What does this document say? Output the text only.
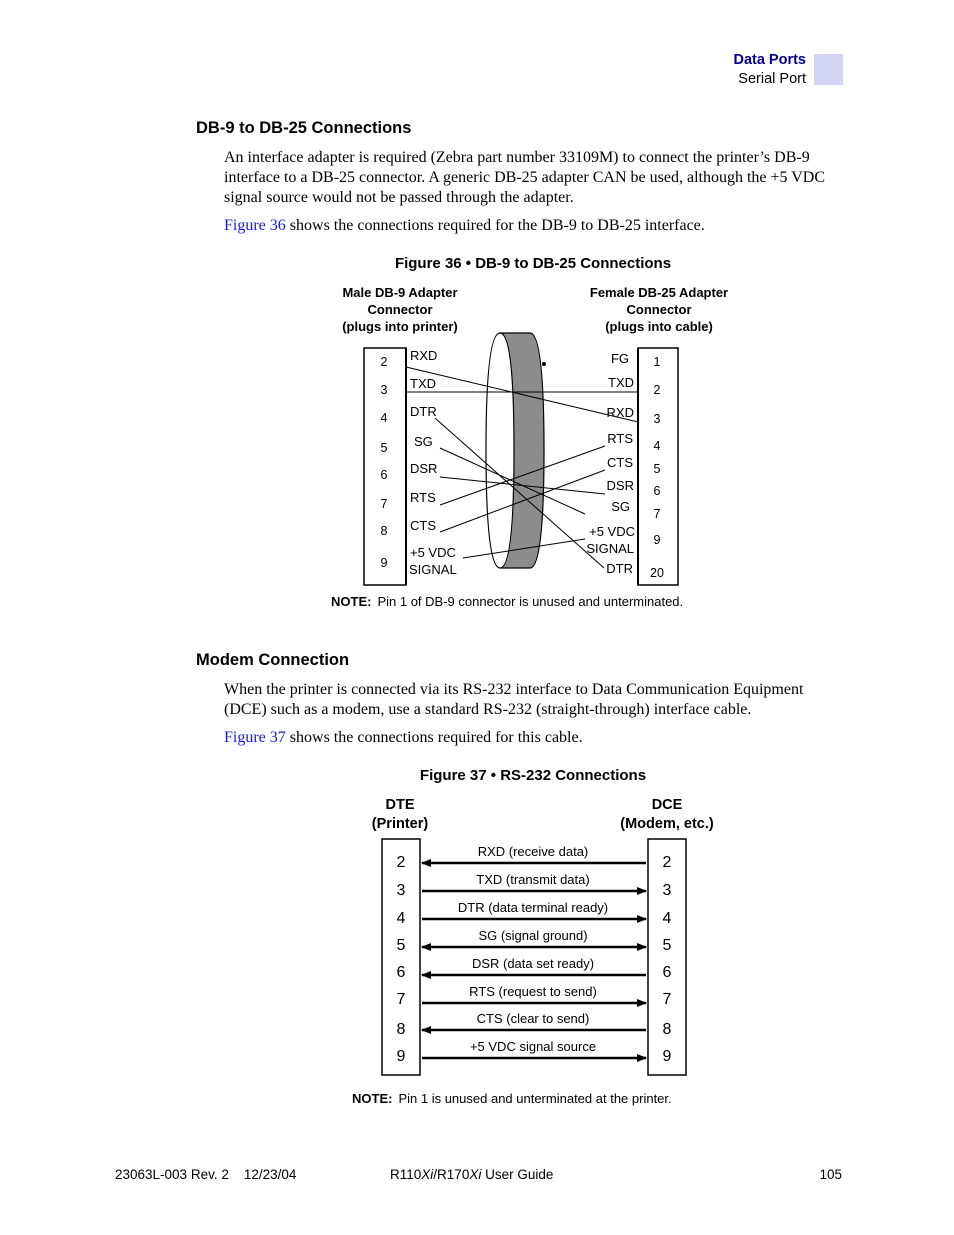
Data Ports
Serial Port
DB-9 to DB-25 Connections
An interface adapter is required (Zebra part number 33109M) to connect the printer’s DB-9 interface to a DB-25 connector. A generic DB-25 adapter CAN be used, although the +5 VDC signal source would not be passed through the adapter.
Figure 36 shows the connections required for the DB-9 to DB-25 interface.
Figure 36 • DB-9 to DB-25 Connections
Male DB-9 Adapter
Connector
(plugs into printer)
Female DB-25 Adapter
Connector
(plugs into cable)
2
3
4
5
6
7
8
9
RXD
TXD
DTR
SG
DSR
RTS
CTS
+5 VDC
SIGNAL
1
2
3
4
5
6
7
9
20
FG
TXD
RXD
RTS
CTS
DSR
SG
+5 VDC
SIGNAL
DTR
NOTE: Pin 1 of DB-9 connector is unused and unterminated.
Modem Connection
When the printer is connected via its RS-232 interface to Data Communication Equipment (DCE) such as a modem, use a standard RS-232 (straight-through) interface cable.
Figure 37 shows the connections required for this cable.
Figure 37 • RS-232 Connections
DTE
(Printer)
DCE
(Modem, etc.)
2
3
4
5
6
7
8
9
2
3
4
5
6
7
8
9
RXD (receive data)
TXD (transmit data)
DTR (data terminal ready)
SG (signal ground)
DSR (data set ready)
RTS (request to send)
CTS (clear to send)
+5 VDC signal source
NOTE: Pin 1 is unused and unterminated at the printer.
23063L-003 Rev. 2 12/23/04	R110Xi/R170Xi User Guide	105
